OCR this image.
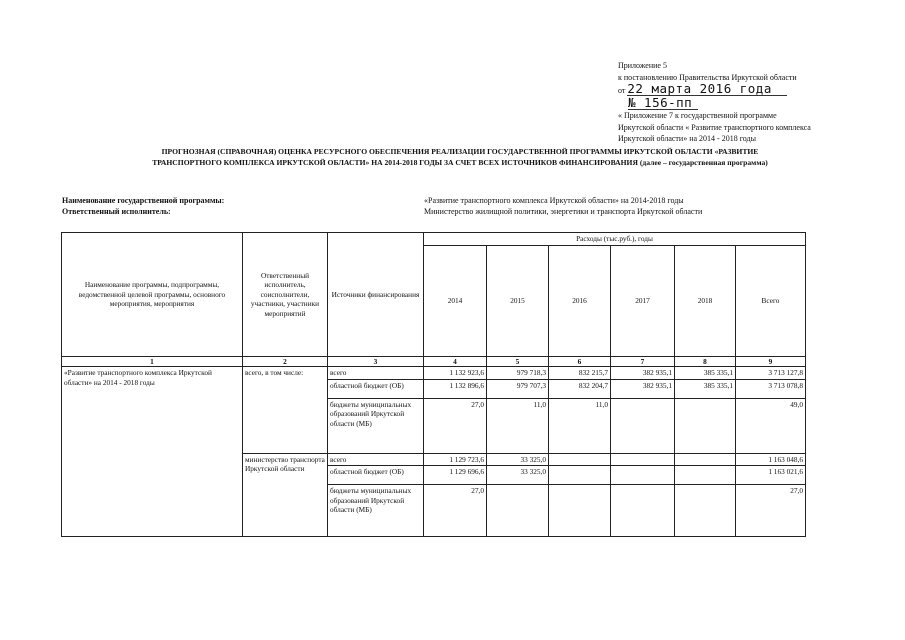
Приложение 5
к постановлению Правительства Иркутской области
от 22 марта 2016 года
№ 156-пп
« Приложение 7 к государственной программе
Иркутской области « Развитие транспортного комплекса
Иркутской области» на 2014 - 2018 годы
ПРОГНОЗНАЯ (СПРАВОЧНАЯ) ОЦЕНКА РЕСУРСНОГО ОБЕСПЕЧЕНИЯ РЕАЛИЗАЦИИ ГОСУДАРСТВЕННОЙ ПРОГРАММЫ ИРКУТСКОЙ ОБЛАСТИ «РАЗВИТИЕ
ТРАНСПОРТНОГО КОМПЛЕКСА ИРКУТСКОЙ ОБЛАСТИ» НА 2014-2018 ГОДЫ ЗА СЧЕТ ВСЕХ ИСТОЧНИКОВ ФИНАНСИРОВАНИЯ (далее – государственная программа)
Наименование государственной программы:
Ответственный исполнитель:
«Развитие транспортного комплекса Иркутской области» на 2014-2018 годы
Министерство жилищной политики, энергетики и транспорта Иркутской области
Наименование программы, подпрограммы, ведомственной целевой программы, основного мероприятия, мероприятия	Ответственный исполнитель, соисполнители, участники, участники мероприятий	Источники финансирования	Расходы (тыс.руб.), годы					
			2014	2015	2016	2017	2018	Всего
1	2	3	4	5	6	7	8	9
«Развитие транспортного комплекса Иркутской области» на 2014 - 2018 годы	всего, в том числе:	всего	1 132 923,6	979 718,3	832 215,7	382 935,1	385 335,1	3 713 127,8
		областной бюджет (ОБ)	1 132 896,6	979 707,3	832 204,7	382 935,1	385 335,1	3 713 078,8
		бюджеты муниципальных образований Иркутской области (МБ)	27,0	11,0	11,0			49,0
	министерство транспорта Иркутской области	всего	1 129 723,6	33 325,0				1 163 048,6
		областной бюджет (ОБ)	1 129 696,6	33 325,0				1 163 021,6
		бюджеты муниципальных образований Иркутской области (МБ)	27,0					27,0
